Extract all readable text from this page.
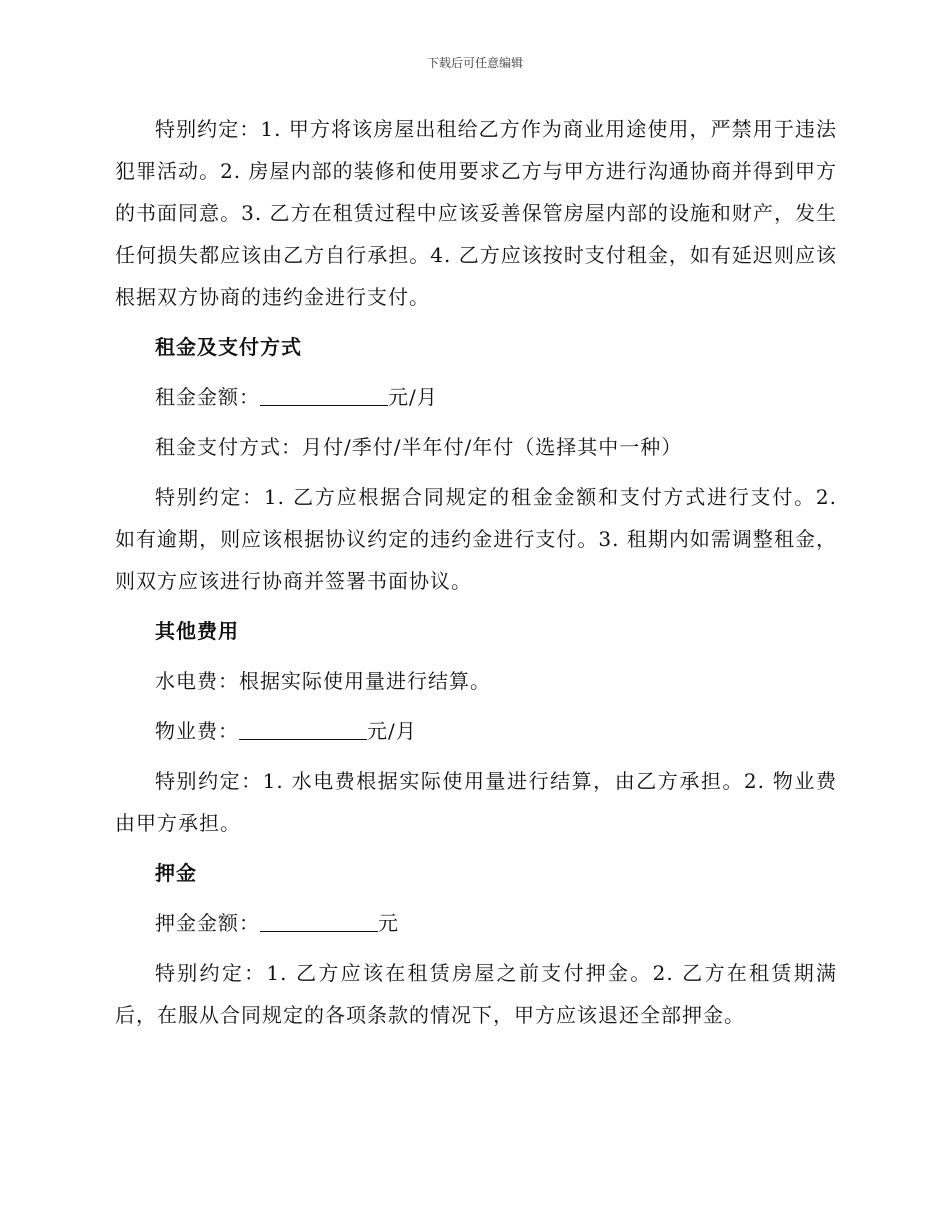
下载后可任意编辑

特别约定：1. 甲方将该房屋出租给乙方作为商业用途使用，严禁用于违法犯罪活动。2. 房屋内部的装修和使用要求乙方与甲方进行沟通协商并得到甲方的书面同意。3. 乙方在租赁过程中应该妥善保管房屋内部的设施和财产，发生任何损失都应该由乙方自行承担。4. 乙方应该按时支付租金，如有延迟则应该根据双方协商的违约金进行支付。

租金及支付方式

租金金额：	元/月

租金支付方式：月付/季付/半年付/年付（选择其中一种）

特别约定：1. 乙方应根据合同规定的租金金额和支付方式进行支付。2. 如有逾期，则应该根据协议约定的违约金进行支付。3. 租期内如需调整租金，则双方应该进行协商并签署书面协议。

其他费用

水电费：根据实际使用量进行结算。

物业费：	元/月

特别约定：1. 水电费根据实际使用量进行结算，由乙方承担。2. 物业费由甲方承担。

押金

押金金额：	元

特别约定：1. 乙方应该在租赁房屋之前支付押金。2. 乙方在租赁期满后，在服从合同规定的各项条款的情况下，甲方应该退还全部押金。
